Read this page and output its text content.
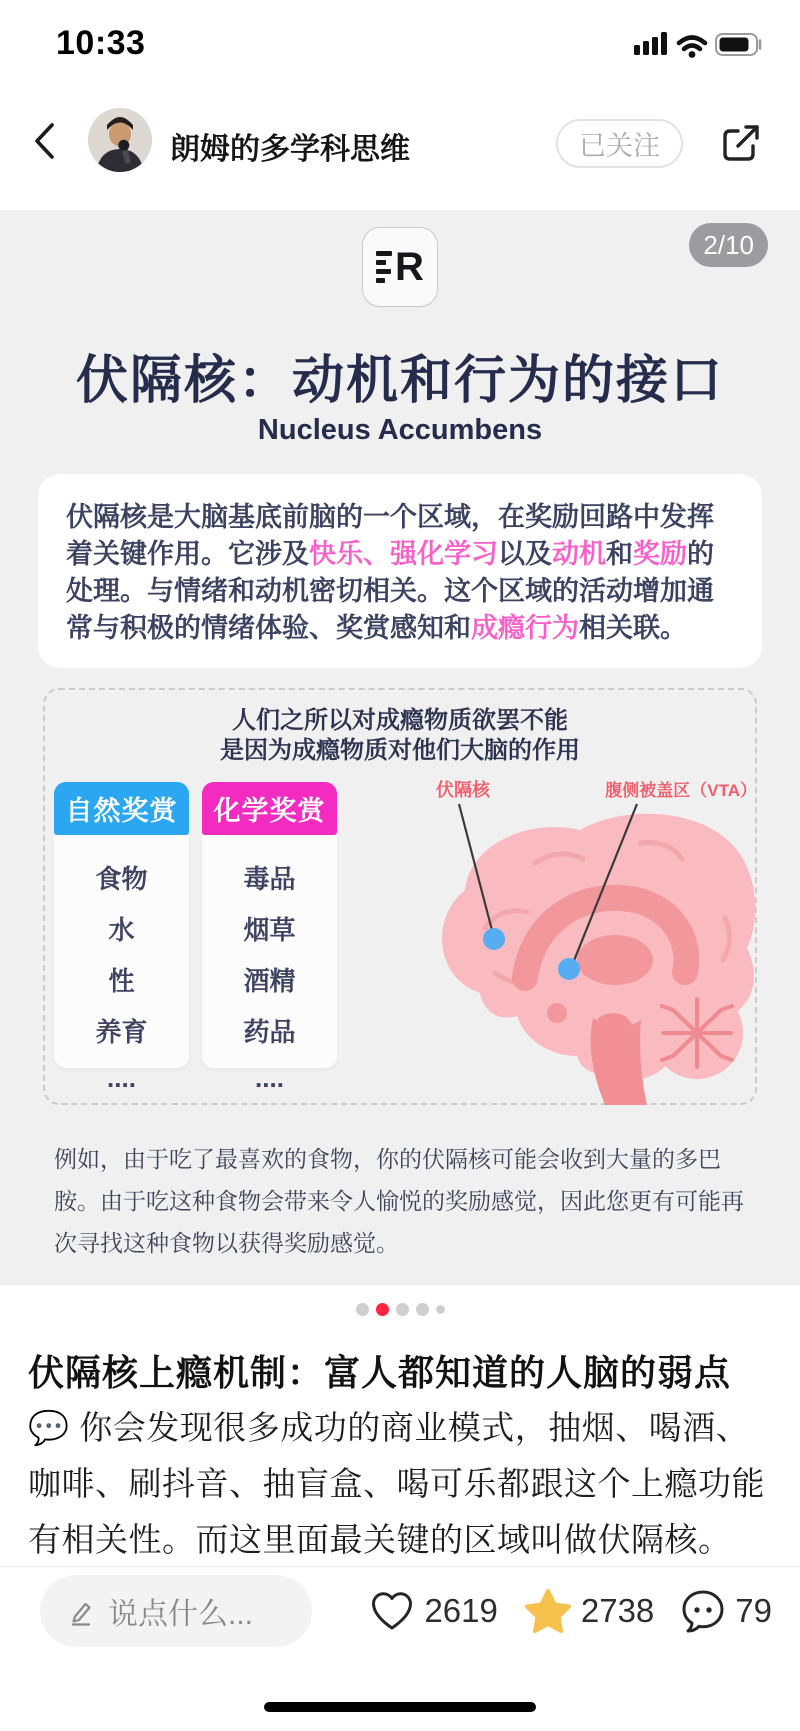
10:33
朗姆的多学科思维	已关注
2/10
R
伏隔核：动机和行为的接口
Nucleus Accumbens
伏隔核是大脑基底前脑的一个区域，在奖励回路中发挥着关键作用。它涉及快乐、强化学习以及动机和奖励的处理。与情绪和动机密切相关。这个区域的活动增加通常与积极的情绪体验、奖赏感知和成瘾行为相关联。
人们之所以对成瘾物质欲罢不能
是因为成瘾物质对他们大脑的作用
自然奖赏
食物
水
性
养育
....
化学奖赏
毒品
烟草
酒精
药品
....
伏隔核	腹侧被盖区（VTA）
例如，由于吃了最喜欢的食物，你的伏隔核可能会收到大量的多巴胺。由于吃这种食物会带来令人愉悦的奖励感觉，因此您更有可能再次寻找这种食物以获得奖励感觉。
伏隔核上瘾机制：富人都知道的人脑的弱点
💬 你会发现很多成功的商业模式，抽烟、喝酒、咖啡、刷抖音、抽盲盒、喝可乐都跟这个上瘾功能有相关性。而这里面最关键的区域叫做伏隔核。
说点什么...	2619	2738 79
